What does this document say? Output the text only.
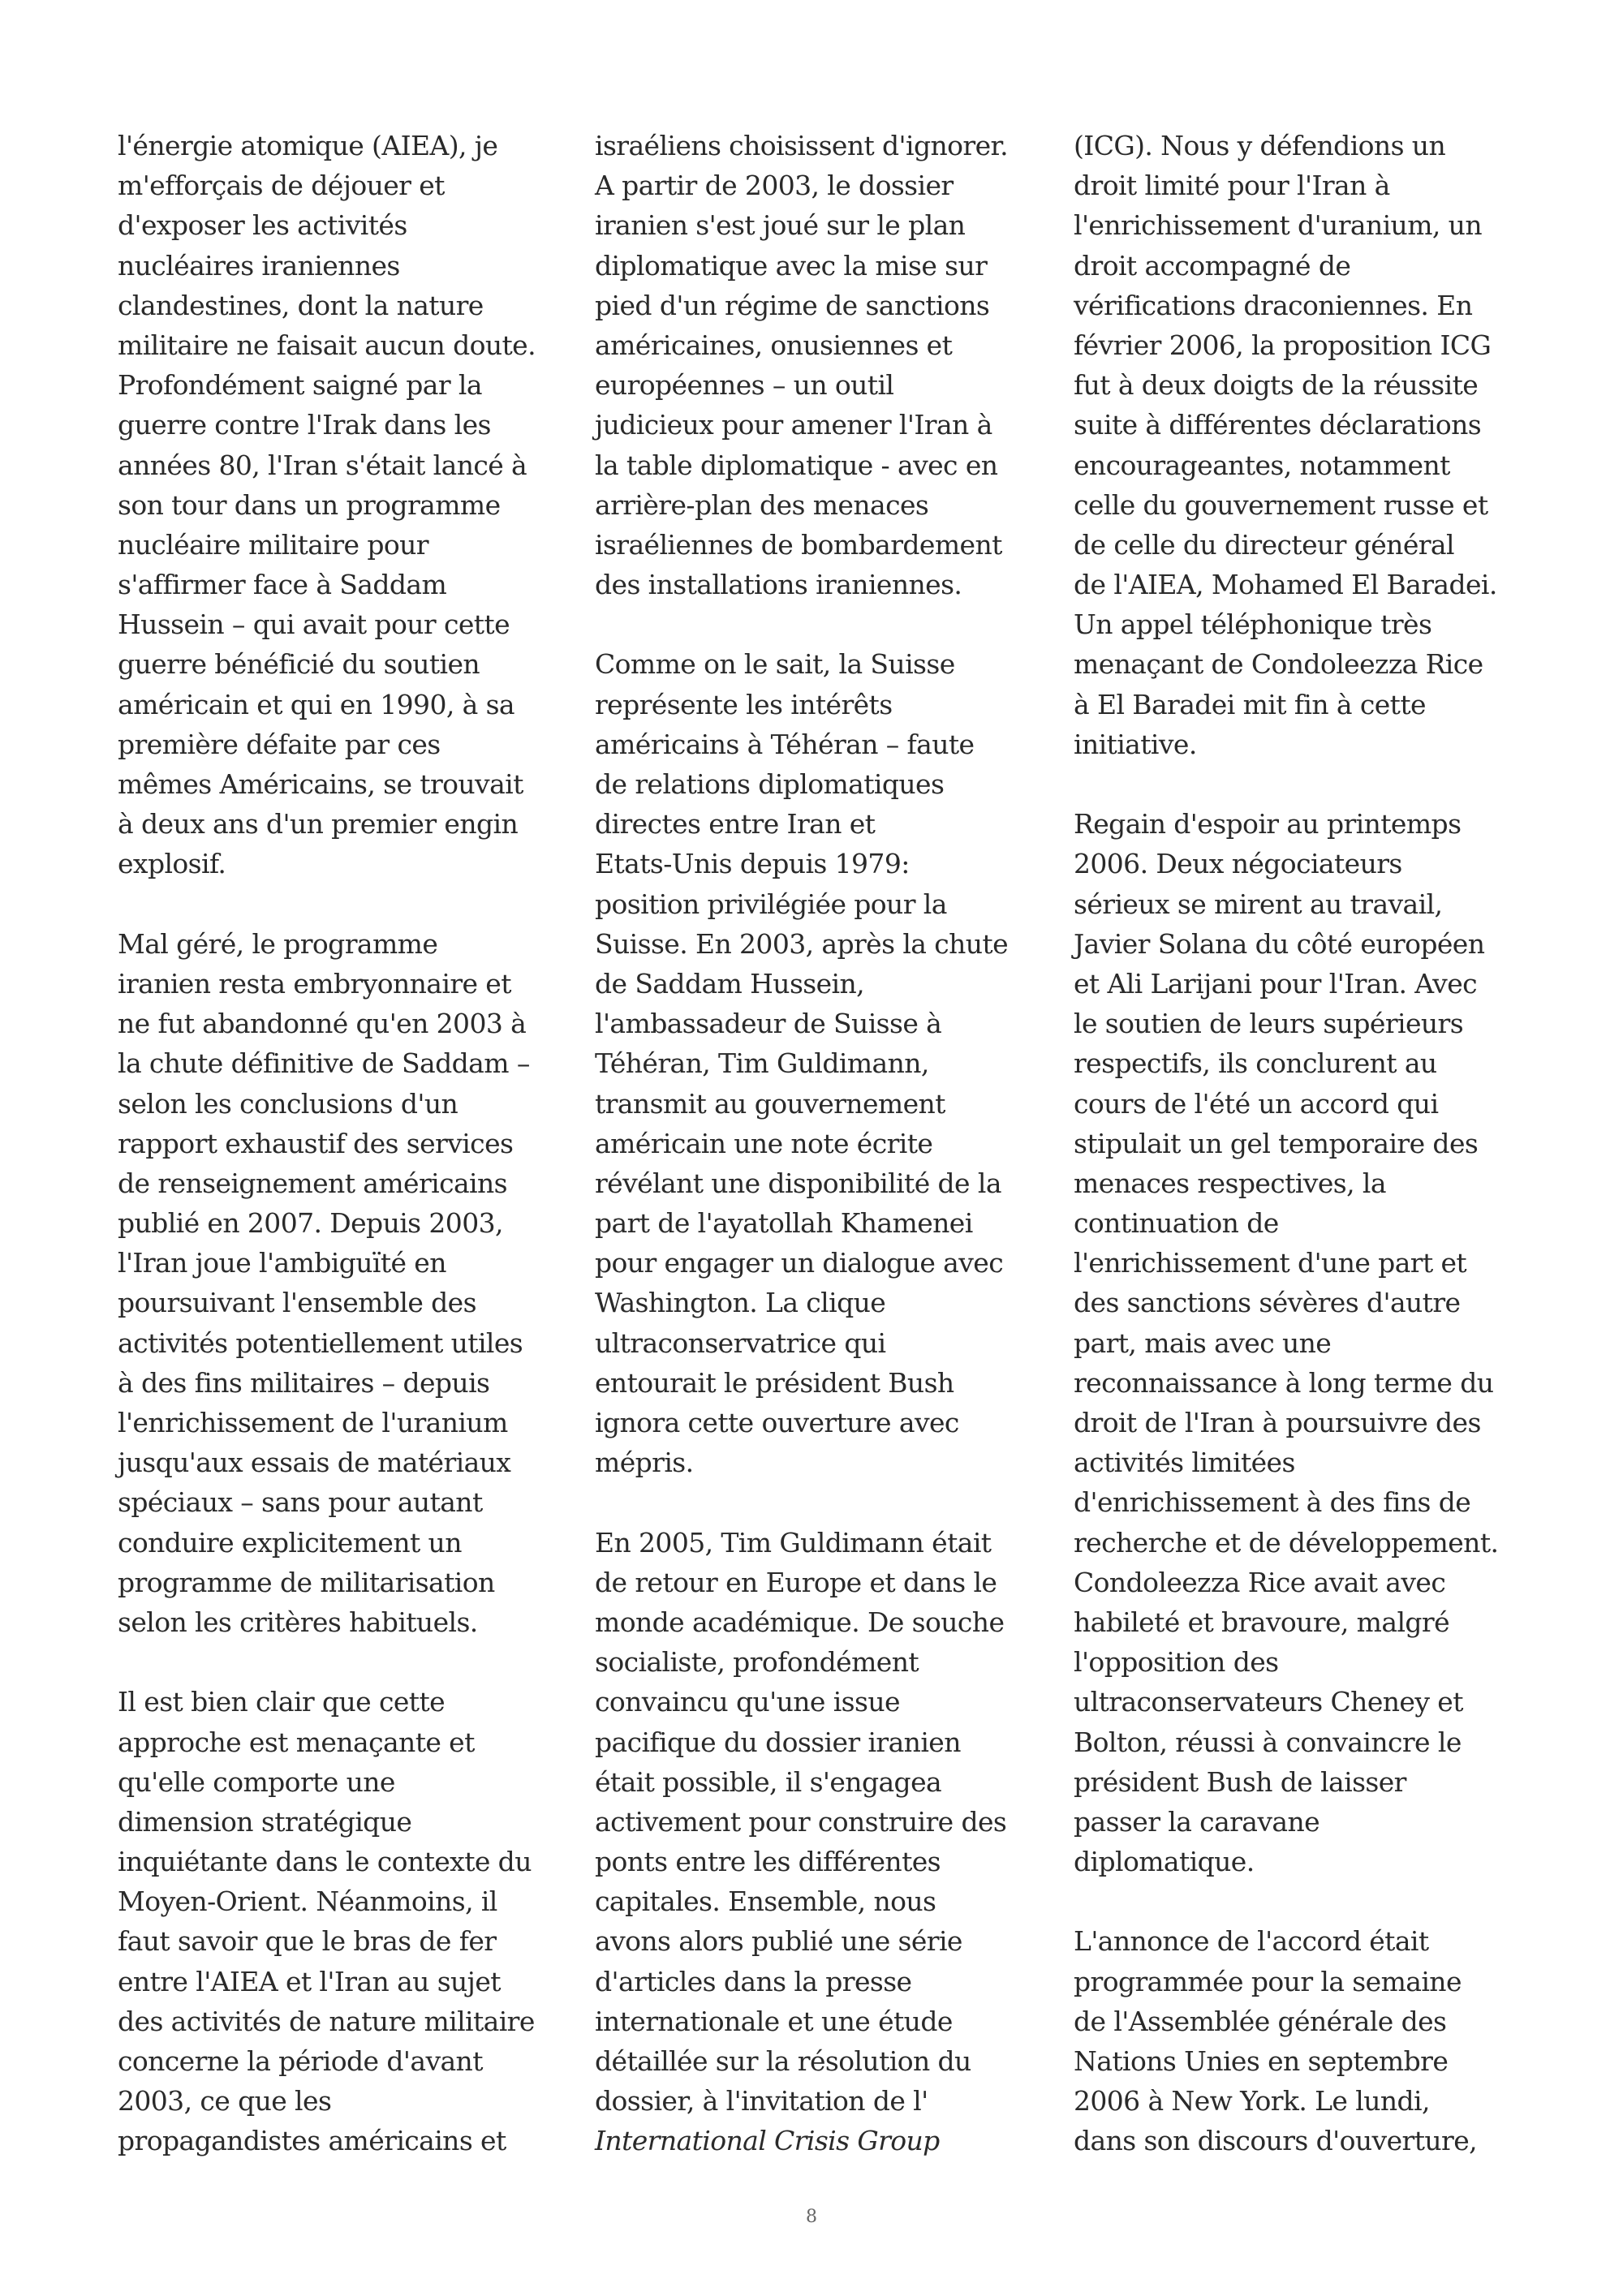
l'énergie atomique (AIEA), je
m'efforçais de déjouer et
d'exposer les activités
nucléaires iraniennes
clandestines, dont la nature
militaire ne faisait aucun doute.
Profondément saigné par la
guerre contre l'Irak dans les
années 80, l'Iran s'était lancé à
son tour dans un programme
nucléaire militaire pour
s'affirmer face à Saddam
Hussein – qui avait pour cette
guerre bénéficié du soutien
américain et qui en 1990, à sa
première défaite par ces
mêmes Américains, se trouvait
à deux ans d'un premier engin
explosif.

Mal géré, le programme
iranien resta embryonnaire et
ne fut abandonné qu'en 2003 à
la chute définitive de Saddam –
selon les conclusions d'un
rapport exhaustif des services
de renseignement américains
publié en 2007. Depuis 2003,
l'Iran joue l'ambiguïté en
poursuivant l'ensemble des
activités potentiellement utiles
à des fins militaires – depuis
l'enrichissement de l'uranium
jusqu'aux essais de matériaux
spéciaux – sans pour autant
conduire explicitement un
programme de militarisation
selon les critères habituels.

Il est bien clair que cette
approche est menaçante et
qu'elle comporte une
dimension stratégique
inquiétante dans le contexte du
Moyen-Orient. Néanmoins, il
faut savoir que le bras de fer
entre l'AIEA et l'Iran au sujet
des activités de nature militaire
concerne la période d'avant
2003, ce que les
propagandistes américains et

israéliens choisissent d'ignorer.
A partir de 2003, le dossier
iranien s'est joué sur le plan
diplomatique avec la mise sur
pied d'un régime de sanctions
américaines, onusiennes et
européennes – un outil
judicieux pour amener l'Iran à
la table diplomatique - avec en
arrière-plan des menaces
israéliennes de bombardement
des installations iraniennes.

Comme on le sait, la Suisse
représente les intérêts
américains à Téhéran – faute
de relations diplomatiques
directes entre Iran et
Etats-Unis depuis 1979:
position privilégiée pour la
Suisse. En 2003, après la chute
de Saddam Hussein,
l'ambassadeur de Suisse à
Téhéran, Tim Guldimann,
transmit au gouvernement
américain une note écrite
révélant une disponibilité de la
part de l'ayatollah Khamenei
pour engager un dialogue avec
Washington. La clique
ultraconservatrice qui
entourait le président Bush
ignora cette ouverture avec
mépris.

En 2005, Tim Guldimann était
de retour en Europe et dans le
monde académique. De souche
socialiste, profondément
convaincu qu'une issue
pacifique du dossier iranien
était possible, il s'engagea
activement pour construire des
ponts entre les différentes
capitales. Ensemble, nous
avons alors publié une série
d'articles dans la presse
internationale et une étude
détaillée sur la résolution du
dossier, à l'invitation de l'
International Crisis Group

(ICG). Nous y défendions un
droit limité pour l'Iran à
l'enrichissement d'uranium, un
droit accompagné de
vérifications draconiennes. En
février 2006, la proposition ICG
fut à deux doigts de la réussite
suite à différentes déclarations
encourageantes, notamment
celle du gouvernement russe et
de celle du directeur général
de l'AIEA, Mohamed El Baradei.
Un appel téléphonique très
menaçant de Condoleezza Rice
à El Baradei mit fin à cette
initiative.

Regain d'espoir au printemps
2006. Deux négociateurs
sérieux se mirent au travail,
Javier Solana du côté européen
et Ali Larijani pour l'Iran. Avec
le soutien de leurs supérieurs
respectifs, ils conclurent au
cours de l'été un accord qui
stipulait un gel temporaire des
menaces respectives, la
continuation de
l'enrichissement d'une part et
des sanctions sévères d'autre
part, mais avec une
reconnaissance à long terme du
droit de l'Iran à poursuivre des
activités limitées
d'enrichissement à des fins de
recherche et de développement.
Condoleezza Rice avait avec
habileté et bravoure, malgré
l'opposition des
ultraconservateurs Cheney et
Bolton, réussi à convaincre le
président Bush de laisser
passer la caravane
diplomatique.

L'annonce de l'accord était
programmée pour la semaine
de l'Assemblée générale des
Nations Unies en septembre
2006 à New York. Le lundi,
dans son discours d'ouverture,

8
